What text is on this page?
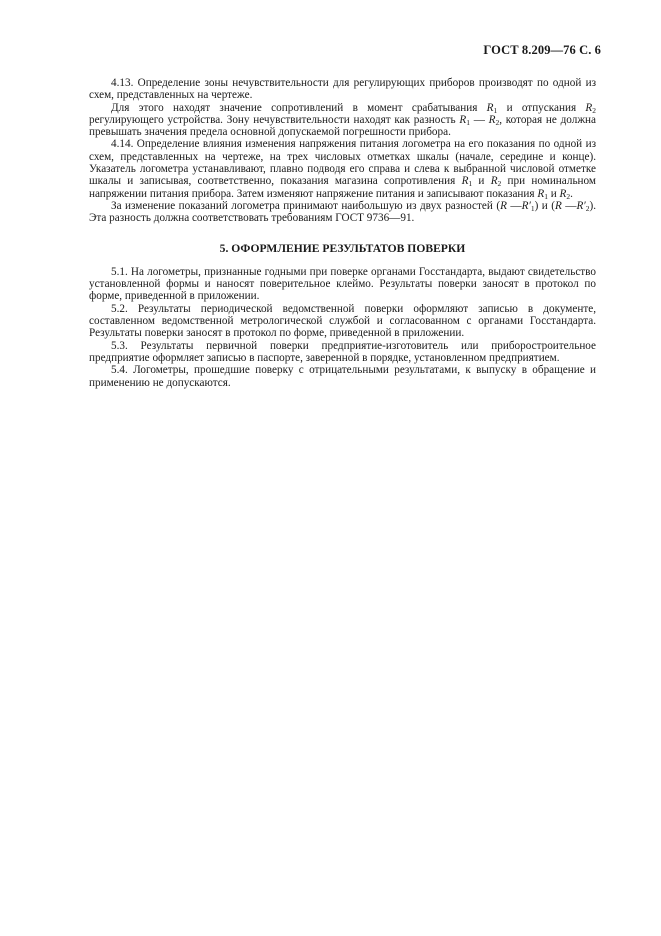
ГОСТ 8.209—76 С. 6

4.13. Определение зоны нечувствительности для регулирующих приборов производят по одной из схем, представленных на чертеже.

Для этого находят значение сопротивлений в момент срабатывания $R_1$ и отпускания $R_2$ регулирующего устройства. Зону нечувствительности находят как разность $R_1$ — $R_2$, которая не должна превышать значения предела основной допускаемой погрешности прибора.

4.14. Определение влияния изменения напряжения питания логометра на его показания по одной из схем, представленных на чертеже, на трех числовых отметках шкалы (начале, середине и конце). Указатель логометра устанавливают, плавно подводя его справа и слева к выбранной числовой отметке шкалы и записывая, соответственно, показания магазина сопротивления $R_1$ и $R_2$ при номинальном напряжении питания прибора. Затем изменяют напряжение питания и записывают показания $R_1$ и $R_2$.

За изменение показаний логометра принимают наибольшую из двух разностей (R $—R'_1$) и (R $—R'_2$). Эта разность должна соответствовать требованиям ГОСТ 9736—91.

5. ОФОРМЛЕНИЕ РЕЗУЛЬТАТОВ ПОВЕРКИ

5.1. На логометры, признанные годными при поверке органами Госстандарта, выдают свидетельство установленной формы и наносят поверительное клеймо. Результаты поверки заносят в протокол по форме, приведенной в приложении.

5.2. Результаты периодической ведомственной поверки оформляют записью в документе, составленном ведомственной метрологической службой и согласованном с органами Госстандарта. Результаты поверки заносят в протокол по форме, приведенной в приложении.

5.3. Результаты первичной поверки предприятие-изготовитель или приборостроительное предприятие оформляет записью в паспорте, заверенной в порядке, установленном предприятием.

5.4. Логометры, прошедшие поверку с отрицательными результатами, к выпуску в обращение и применению не допускаются.
